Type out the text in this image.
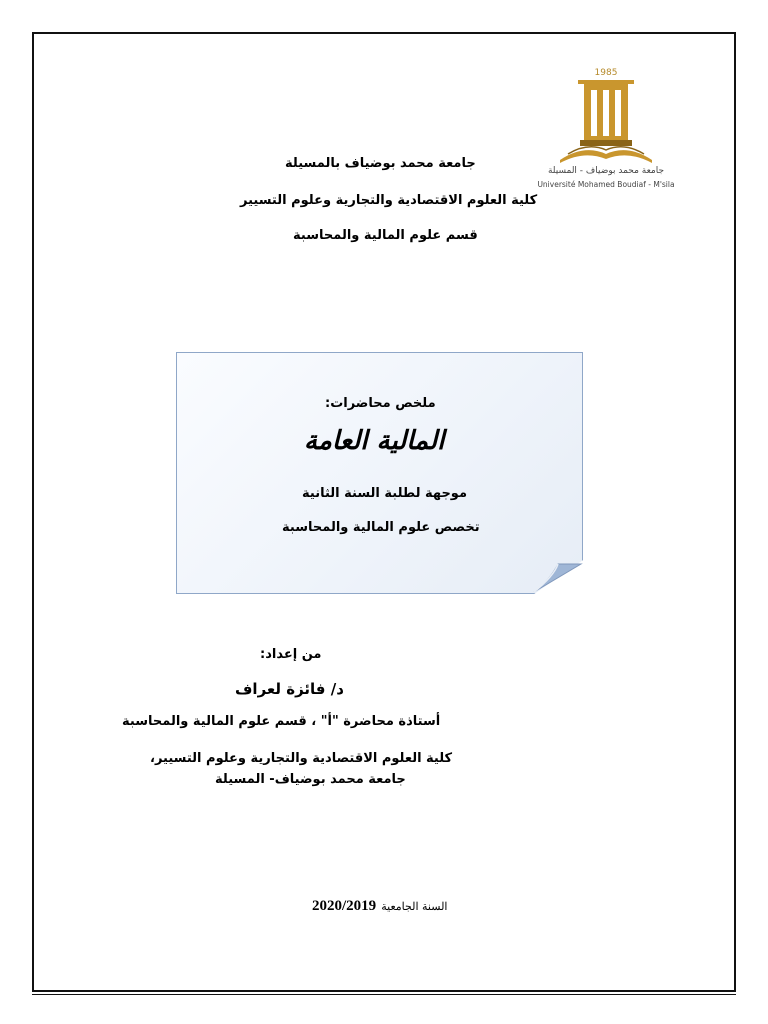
جامعة محمد بوضياف بالمسيلة
كلية العلوم الاقتصادية والتجارية وعلوم التسيير
قسم علوم المالية والمحاسبة
1985
جامعة محمد بوضياف - المسيلة
Université Mohamed Boudiaf - M'sila
ملخص محاضرات:
المالية العامة
موجهة لطلبة السنة الثانية
تخصص علوم المالية والمحاسبة
من إعداد:
د/ فائزة لعراف
أستاذة محاضرة "أ" ، قسم علوم المالية والمحاسبة
كلية العلوم الاقتصادية والتجارية وعلوم التسيير،
جامعة محمد بوضياف- المسيلة
السنة الجامعية 2020/2019
